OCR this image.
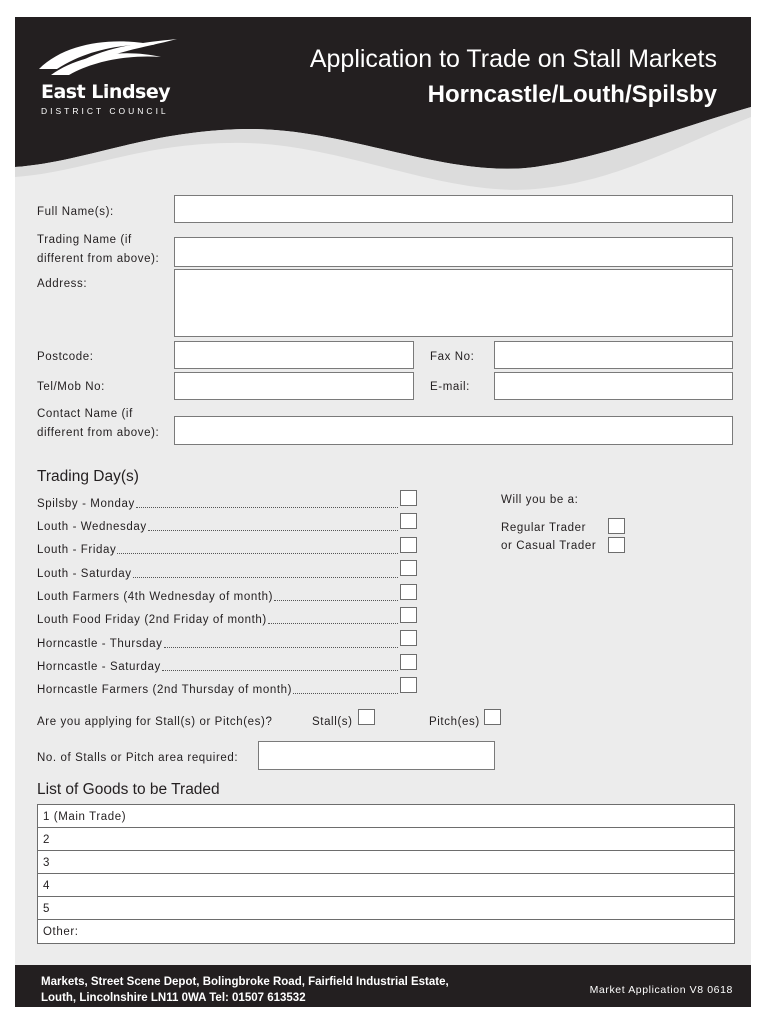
East Lindsey
DISTRICT COUNCIL
Application to Trade on Stall Markets
Horncastle/Louth/Spilsby
Full Name(s):
Trading Name (if
different from above):
Address:
Postcode:	Fax No:
Tel/Mob No:	E-mail:
Contact Name (if
different from above):
Trading Day(s)
Spilsby - Monday
Louth - Wednesday
Louth - Friday
Louth - Saturday
Louth Farmers (4th Wednesday of month)
Louth Food Friday (2nd Friday of month)
Horncastle - Thursday
Horncastle - Saturday
Horncastle Farmers (2nd Thursday of month)
Will you be a:
Regular Trader
or Casual Trader
Are you applying for Stall(s) or Pitch(es)?	Stall(s)	Pitch(es)
No. of Stalls or Pitch area required:
List of Goods to be Traded
1 (Main Trade)
2
3
4
5
Other:
Markets, Street Scene Depot, Bolingbroke Road, Fairfield Industrial Estate,
Louth, Lincolnshire LN11 0WA Tel: 01507 613532
Market Application V8 0618
